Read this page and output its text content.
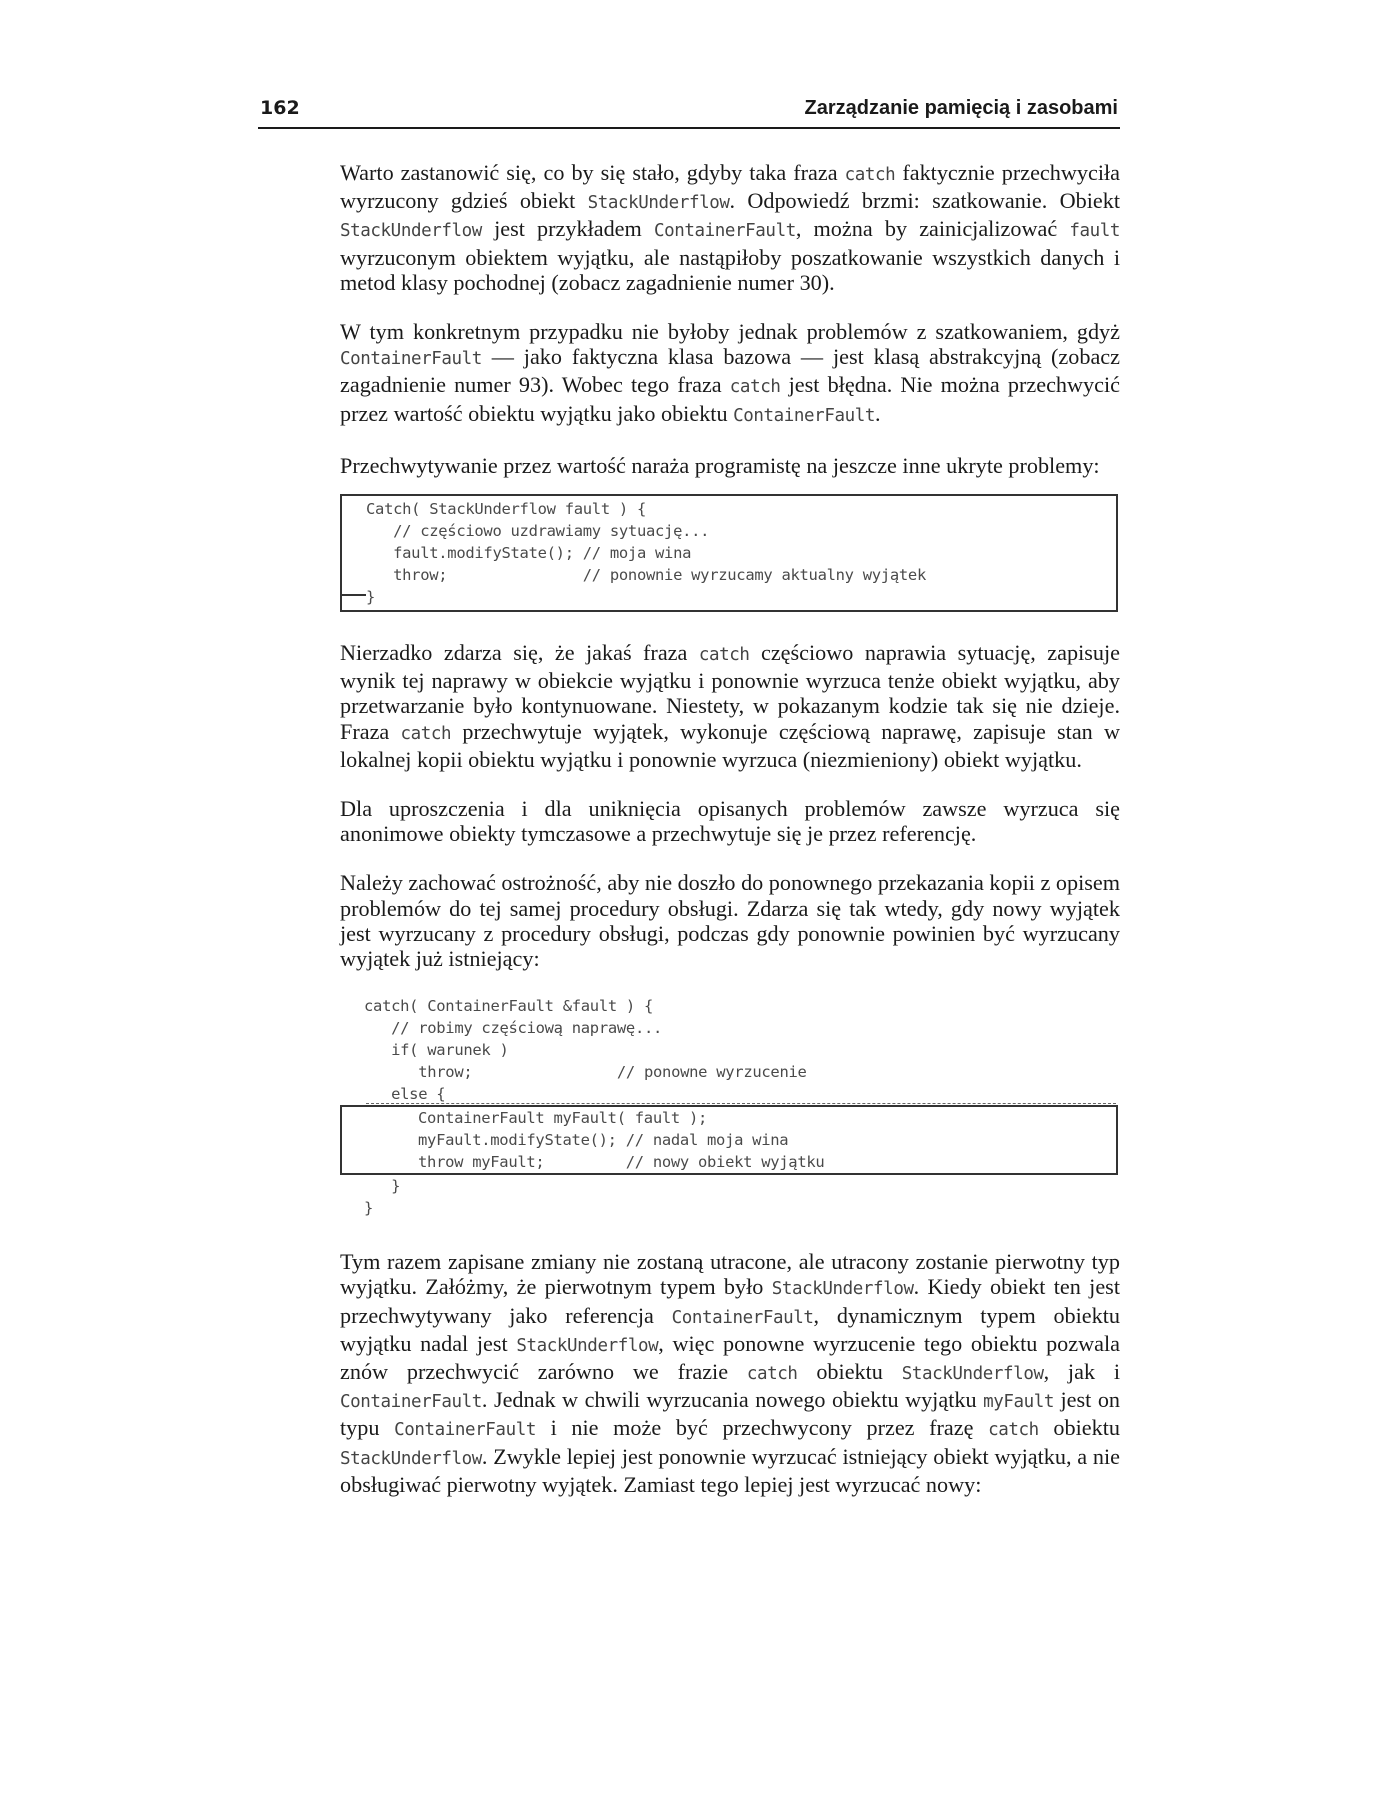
162	Zarządzanie pamięcią i zasobami

Warto zastanowić się, co by się stało, gdyby taka fraza catch faktycznie przechwyciła wyrzucony gdzieś obiekt StackUnderflow. Odpowiedź brzmi: szatkowanie. Obiekt StackUnderflow jest przykładem ContainerFault, można by zainicjalizować fault wyrzuconym obiektem wyjątku, ale nastąpiłoby poszatkowanie wszystkich danych i metod klasy pochodnej (zobacz zagadnienie numer 30).

W tym konkretnym przypadku nie byłoby jednak problemów z szatkowaniem, gdyż ContainerFault — jako faktyczna klasa bazowa — jest klasą abstrakcyjną (zobacz zagadnienie numer 93). Wobec tego fraza catch jest błędna. Nie można przechwycić przez wartość obiektu wyjątku jako obiektu ContainerFault.

Przechwytywanie przez wartość naraża programistę na jeszcze inne ukryte problemy:

Catch( StackUnderflow fault ) {
// częściowo uzdrawiamy sytuację...
fault.modifyState(); // moja wina
throw;               // ponownie wyrzucamy aktualny wyjątek
}

Nierzadko zdarza się, że jakaś fraza catch częściowo naprawia sytuację, zapisuje wynik tej naprawy w obiekcie wyjątku i ponownie wyrzuca tenże obiekt wyjątku, aby przetwarzanie było kontynuowane. Niestety, w pokazanym kodzie tak się nie dzieje. Fraza catch przechwytuje wyjątek, wykonuje częściową naprawę, zapisuje stan w lokalnej kopii obiektu wyjątku i ponownie wyrzuca (niezmieniony) obiekt wyjątku.

Dla uproszczenia i dla uniknięcia opisanych problemów zawsze wyrzuca się anonimowe obiekty tymczasowe a przechwytuje się je przez referencję.

Należy zachować ostrożność, aby nie doszło do ponownego przekazania kopii z opisem problemów do tej samej procedury obsługi. Zdarza się tak wtedy, gdy nowy wyjątek jest wyrzucany z procedury obsługi, podczas gdy ponownie powinien być wyrzucany wyjątek już istniejący:

catch( ContainerFault &fault ) {
// robimy częściową naprawę...
if( warunek )
throw;                // ponowne wyrzucenie
else {
ContainerFault myFault( fault );
myFault.modifyState(); // nadal moja wina
throw myFault;         // nowy obiekt wyjątku
}
}

Tym razem zapisane zmiany nie zostaną utracone, ale utracony zostanie pierwotny typ wyjątku. Załóżmy, że pierwotnym typem było StackUnderflow. Kiedy obiekt ten jest przechwytywany jako referencja ContainerFault, dynamicznym typem obiektu wyjątku nadal jest StackUnderflow, więc ponowne wyrzucenie tego obiektu pozwala znów przechwycić zarówno we frazie catch obiektu StackUnderflow, jak i ContainerFault. Jednak w chwili wyrzucania nowego obiektu wyjątku myFault jest on typu ContainerFault i nie może być przechwycony przez frazę catch obiektu StackUnderflow. Zwykle lepiej jest ponownie wyrzucać istniejący obiekt wyjątku, a nie obsługiwać pierwotny wyjątek. Zamiast tego lepiej jest wyrzucać nowy:
